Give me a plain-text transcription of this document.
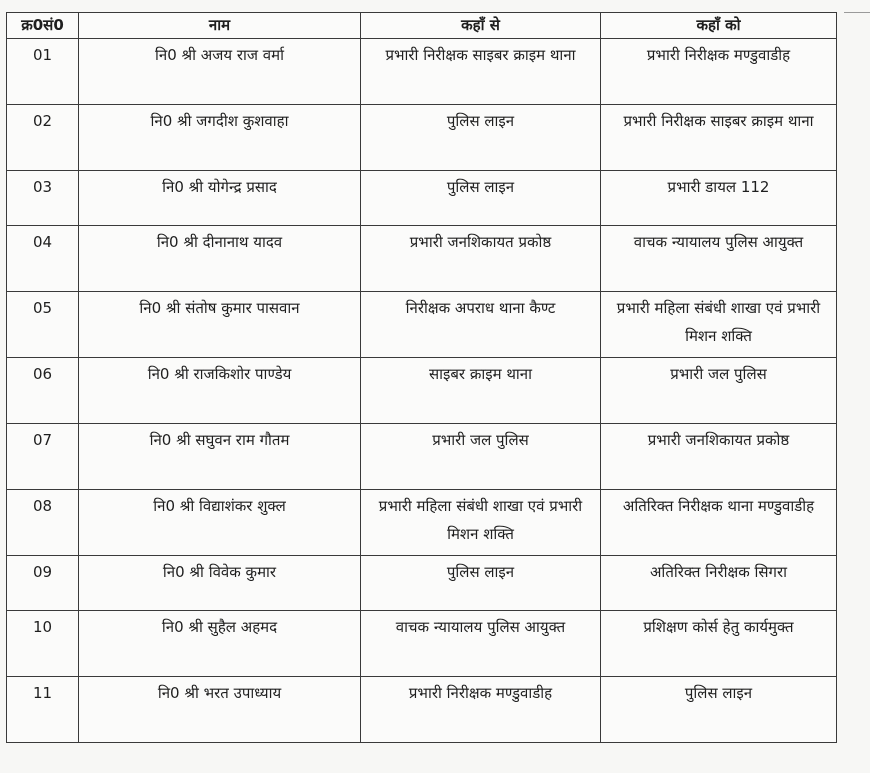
क्र0सं0	नाम	कहाँ से	कहाँ को
01	नि0 श्री अजय राज वर्मा	प्रभारी निरीक्षक साइबर क्राइम थाना	प्रभारी निरीक्षक मण्डुवाडीह
02	नि0 श्री जगदीश कुशवाहा	पुलिस लाइन	प्रभारी निरीक्षक साइबर क्राइम थाना
03	नि0 श्री योगेन्द्र प्रसाद	पुलिस लाइन	प्रभारी डायल 112
04	नि0 श्री दीनानाथ यादव	प्रभारी जनशिकायत प्रकोष्ठ	वाचक न्यायालय पुलिस आयुक्त
05	नि0 श्री संतोष कुमार पासवान	निरीक्षक अपराध थाना कैण्ट	प्रभारी महिला संबंधी शाखा एवं प्रभारी मिशन शक्ति
06	नि0 श्री राजकिशोर पाण्डेय	साइबर क्राइम थाना	प्रभारी जल पुलिस
07	नि0 श्री सघुवन राम गौतम	प्रभारी जल पुलिस	प्रभारी जनशिकायत प्रकोष्ठ
08	नि0 श्री विद्याशंकर शुक्ल	प्रभारी महिला संबंधी शाखा एवं प्रभारी मिशन शक्ति	अतिरिक्त निरीक्षक थाना मण्डुवाडीह
09	नि0 श्री विवेक कुमार	पुलिस लाइन	अतिरिक्त निरीक्षक सिगरा
10	नि0 श्री सुहैल अहमद	वाचक न्यायालय पुलिस आयुक्त	प्रशिक्षण कोर्स हेतु कार्यमुक्त
11	नि0 श्री भरत उपाध्याय	प्रभारी निरीक्षक मण्डुवाडीह	पुलिस लाइन
